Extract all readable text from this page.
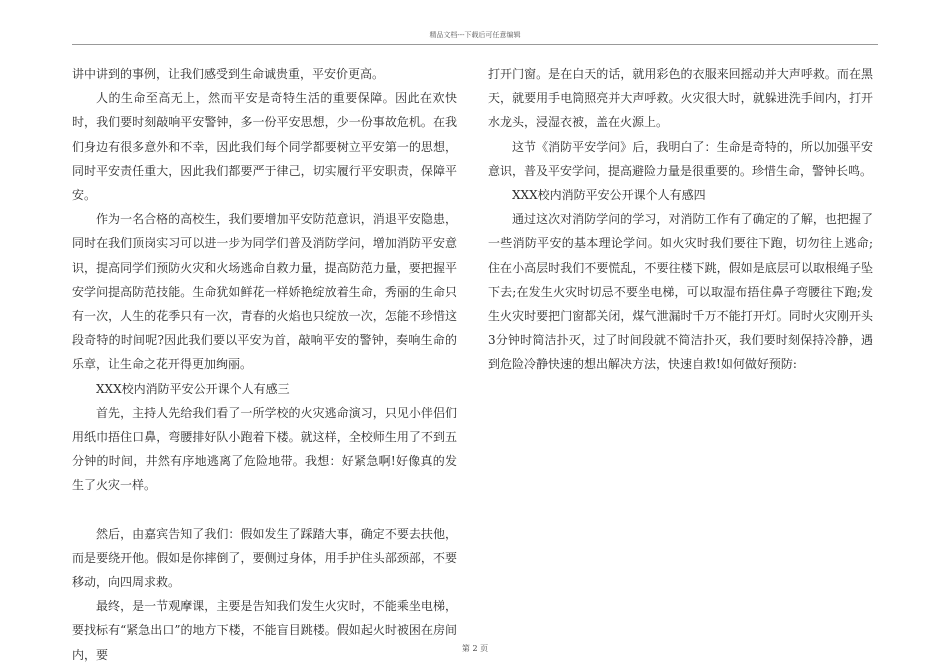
精品文档---下载后可任意编辑

讲中讲到的事例，让我们感受到生命诚贵重，平安价更高。

人的生命至高无上，然而平安是奇特生活的重要保障。因此在欢快时，我们要时刻敲响平安警钟，多一份平安思想，少一份事故危机。在我们身边有很多意外和不幸，因此我们每个同学都要树立平安第一的思想，同时平安责任重大，因此我们都要严于律己，切实履行平安职责，保障平安。

作为一名合格的高校生，我们要增加平安防范意识，消退平安隐患，同时在我们顶岗实习可以进一步为同学们普及消防学问，增加消防平安意识，提高同学们预防火灾和火场逃命自救力量，提高防范力量，要把握平安学问提高防范技能。生命犹如鲜花一样娇艳绽放着生命，秀丽的生命只有一次，人生的花季只有一次，青春的火焰也只绽放一次，怎能不珍惜这段奇特的时间呢?因此我们要以平安为首，敲响平安的警钟，奏响生命的乐章，让生命之花开得更加绚丽。

XXX校内消防平安公开课个人有感三

首先，主持人先给我们看了一所学校的火灾逃命演习，只见小伴侣们用纸巾捂住口鼻，弯腰排好队小跑着下楼。就这样，全校师生用了不到五分钟的时间，井然有序地逃离了危险地带。我想：好紧急啊!好像真的发生了火灾一样。

然后，由嘉宾告知了我们：假如发生了踩踏大事，确定不要去扶他，而是要绕开他。假如是你摔倒了，要侧过身体，用手护住头部颈部，不要移动，向四周求救。

最终，是一节观摩课，主要是告知我们发生火灾时，不能乘坐电梯，要找标有“紧急出口”的地方下楼，不能盲目跳楼。假如起火时被困在房间内，要

打开门窗。是在白天的话，就用彩色的衣服来回摇动并大声呼救。而在黑天，就要用手电筒照亮并大声呼救。火灾很大时，就躲进洗手间内，打开水龙头，浸湿衣被，盖在火源上。

这节《消防平安学问》后，我明白了：生命是奇特的，所以加强平安意识，普及平安学问，提高避险力量是很重要的。珍惜生命，警钟长鸣。

XXX校内消防平安公开课个人有感四

通过这次对消防学问的学习，对消防工作有了确定的了解，也把握了一些消防平安的基本理论学问。如火灾时我们要往下跑，切勿往上逃命;住在小高层时我们不要慌乱，不要往楼下跳，假如是底层可以取根绳子坠下去;在发生火灾时切忌不要坐电梯，可以取湿布捂住鼻子弯腰往下跑;发生火灾时要把门窗都关闭，煤气泄漏时千万不能打开灯。同时火灾刚开头3分钟时简洁扑灭，过了时间段就不简洁扑灭，我们要时刻保持冷静，遇到危险冷静快速的想出解决方法，快速自救!如何做好预防:

第 2 页
